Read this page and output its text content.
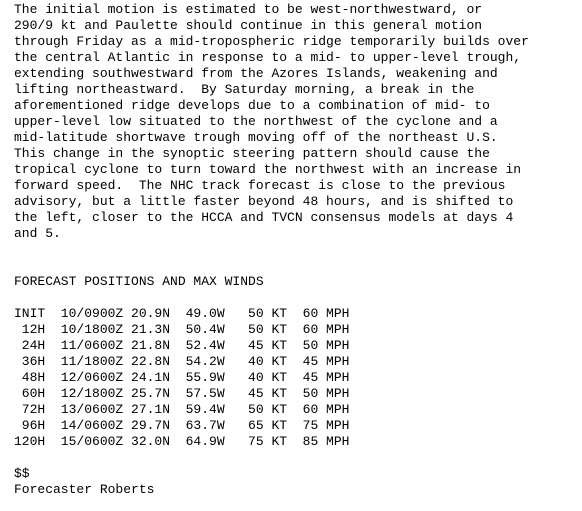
The initial motion is estimated to be west-northwestward, or
290/9 kt and Paulette should continue in this general motion
through Friday as a mid-tropospheric ridge temporarily builds over
the central Atlantic in response to a mid- to upper-level trough,
extending southwestward from the Azores Islands, weakening and
lifting northeastward.  By Saturday morning, a break in the
aforementioned ridge develops due to a combination of mid- to
upper-level low situated to the northwest of the cyclone and a
mid-latitude shortwave trough moving off of the northeast U.S.
This change in the synoptic steering pattern should cause the
tropical cyclone to turn toward the northwest with an increase in
forward speed.  The NHC track forecast is close to the previous
advisory, but a little faster beyond 48 hours, and is shifted to
the left, closer to the HCCA and TVCN consensus models at days 4
and 5.
FORECAST POSITIONS AND MAX WINDS
INIT  10/0900Z 20.9N  49.0W   50 KT  60 MPH
12H  10/1800Z 21.3N  50.4W   50 KT  60 MPH
24H  11/0600Z 21.8N  52.4W   45 KT  50 MPH
36H  11/1800Z 22.8N  54.2W   40 KT  45 MPH
48H  12/0600Z 24.1N  55.9W   40 KT  45 MPH
60H  12/1800Z 25.7N  57.5W   45 KT  50 MPH
72H  13/0600Z 27.1N  59.4W   50 KT  60 MPH
96H  14/0600Z 29.7N  63.7W   65 KT  75 MPH
120H  15/0600Z 32.0N  64.9W   75 KT  85 MPH
$$
Forecaster Roberts
